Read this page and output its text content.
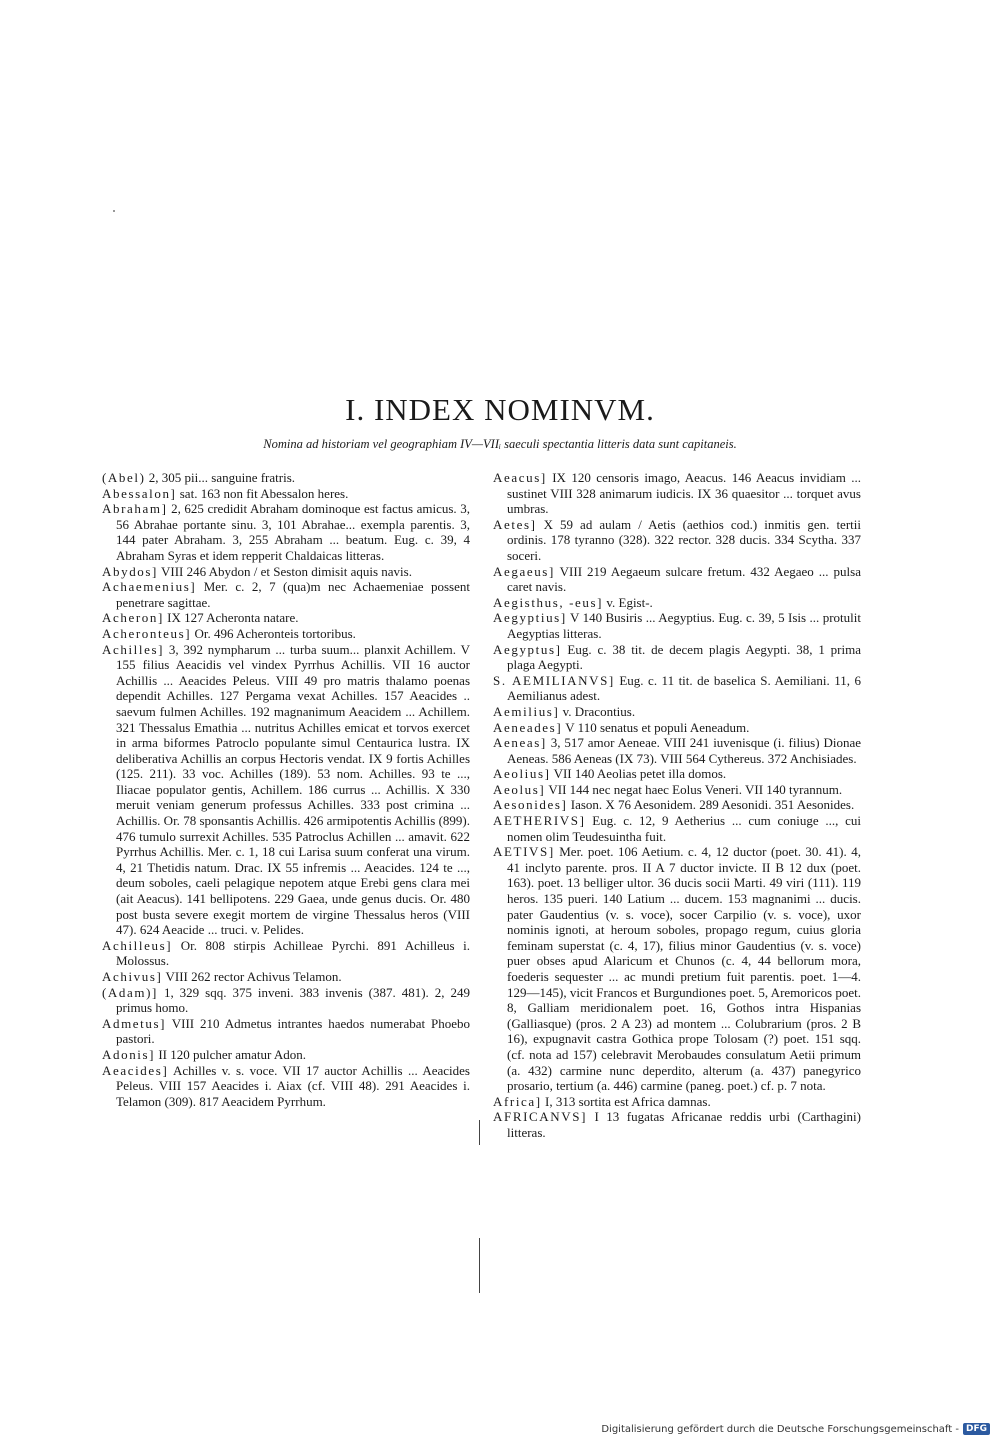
I. INDEX NOMINVM.
Nomina ad historiam vel geographiam IV—VIIᵢ saeculi spectantia litteris data sunt capitaneis.

(Abel) 2, 305 pii... sanguine fratris.

Abessalon] sat. 163 non fit Abessalon heres.

Abraham] 2, 625 credidit Abraham dominoque est factus amicus. 3, 56 Abrahae portante sinu. 3, 101 Abrahae... exempla parentis. 3, 144 pater Abraham. 3, 255 Abraham ... beatum. Eug. c. 39, 4 Abraham Syras et idem repperit Chaldaicas litteras.

Abydos] VIII 246 Abydon / et Seston dimisit aquis navis.

Achaemenius] Mer. c. 2, 7 (qua)m nec Achaemeniae possent penetrare sagittae.

Acheron] IX 127 Acheronta natare.

Acheronteus] Or. 496 Acheronteis tortoribus.

Achilles] 3, 392 nympharum ... turba suum... planxit Achillem. V 155 filius Aeacidis vel vindex Pyrrhus Achillis. VII 16 auctor Achillis ... Aeacides Peleus. VIII 49 pro matris thalamo poenas dependit Achilles. 127 Pergama vexat Achilles. 157 Aeacides .. saevum fulmen Achilles. 192 magnanimum Aeacidem ... Achillem. 321 Thessalus Emathia ... nutritus Achilles emicat et torvos exercet in arma biformes Patroclo populante simul Centaurica lustra. IX deliberativa Achillis an corpus Hectoris vendat. IX 9 fortis Achilles (125. 211). 33 voc. Achilles (189). 53 nom. Achilles. 93 te ..., Iliacae populator gentis, Achillem. 186 currus ... Achillis. X 330 meruit veniam generum professus Achilles. 333 post crimina ... Achillis. Or. 78 sponsantis Achillis. 426 armipotentis Achillis (899). 476 tumulo surrexit Achilles. 535 Patroclus Achillen ... amavit. 622 Pyrrhus Achillis. Mer. c. 1, 18 cui Larisa suum conferat una virum. 4, 21 Thetidis natum. Drac. IX 55 infremis ... Aeacides. 124 te ..., deum soboles, caeli pelagique nepotem atque Erebi gens clara mei (ait Aeacus). 141 bellipotens. 229 Gaea, unde genus ducis. Or. 480 post busta severe exegit mortem de virgine Thessalus heros (VIII 47). 624 Aeacide ... truci. v. Pelides.

Achilleus] Or. 808 stirpis Achilleae Pyrchi. 891 Achilleus i. Molossus.

Achivus] VIII 262 rector Achivus Telamon.

(Adam)] 1, 329 sqq. 375 inveni. 383 invenis (387. 481). 2, 249 primus homo.

Admetus] VIII 210 Admetus intrantes haedos numerabat Phoebo pastori.

Adonis] II 120 pulcher amatur Adon.

Aeacides] Achilles v. s. voce. VII 17 auctor Achillis ... Aeacides Peleus. VIII 157 Aeacides i. Aiax (cf. VIII 48). 291 Aeacides i. Telamon (309). 817 Aeacidem Pyrrhum.

Aeacus] IX 120 censoris imago, Aeacus. 146 Aeacus invidiam ... sustinet VIII 328 animarum iudicis. IX 36 quaesitor ... torquet avus umbras.

Aetes] X 59 ad aulam / Aetis (aethios cod.) inmitis gen. tertii ordinis. 178 tyranno (328). 322 rector. 328 ducis. 334 Scytha. 337 soceri.

Aegaeus] VIII 219 Aegaeum sulcare fretum. 432 Aegaeo ... pulsa caret navis.

Aegisthus, -eus] v. Egist-.

Aegyptius] V 140 Busiris ... Aegyptius. Eug. c. 39, 5 Isis ... protulit Aegyptias litteras.

Aegyptus] Eug. c. 38 tit. de decem plagis Aegypti. 38, 1 prima plaga Aegypti.

S. AEMILIANVS] Eug. c. 11 tit. de baselica S. Aemiliani. 11, 6 Aemilianus adest.

Aemilius] v. Dracontius.

Aeneades] V 110 senatus et populi Aeneadum.

Aeneas] 3, 517 amor Aeneae. VIII 241 iuvenisque (i. filius) Dionae Aeneas. 586 Aeneas (IX 73). VIII 564 Cythereus. 372 Anchisiades.

Aeolius] VII 140 Aeolias petet illa domos.

Aeolus] VII 144 nec negat haec Eolus Veneri. VII 140 tyrannum.

Aesonides] Iason. X 76 Aesonidem. 289 Aesonidi. 351 Aesonides.

AETHERIVS] Eug. c. 12, 9 Aetherius ... cum coniuge ..., cui nomen olim Teudesuintha fuit.

AETIVS] Mer. poet. 106 Aetium. c. 4, 12 ductor (poet. 30. 41). 4, 41 inclyto parente. pros. II A 7 ductor invicte. II B 12 dux (poet. 163). poet. 13 belliger ultor. 36 ducis socii Marti. 49 viri (111). 119 heros. 135 pueri. 140 Latium ... ducem. 153 magnanimi ... ducis. pater Gaudentius (v. s. voce), socer Carpilio (v. s. voce), uxor nominis ignoti, at heroum soboles, propago regum, cuius gloria feminam superstat (c. 4, 17), filius minor Gaudentius (v. s. voce) puer obses apud Alaricum et Chunos (c. 4, 44 bellorum mora, foederis sequester ... ac mundi pretium fuit parentis. poet. 1—4. 129—145), vicit Francos et Burgundiones poet. 5, Aremoricos poet. 8, Galliam meridionalem poet. 16, Gothos intra Hispanias (Galliasque) (pros. 2 A 23) ad montem ... Colubrarium (pros. 2 B 16), expugnavit castra Gothica prope Tolosam (?) poet. 151 sqq. (cf. nota ad 157) celebravit Merobaudes consulatum Aetii primum (a. 432) carmine nunc deperdito, alterum (a. 437) panegyrico prosario, tertium (a. 446) carmine (paneg. poet.) cf. p. 7 nota.

Africa] I, 313 sortita est Africa damnas.

AFRICANVS] I 13 fugatas Africanae reddis urbi (Carthagini) litteras.

Digitalisierung gefördert durch die Deutsche Forschungsgemeinschaft - DFG
